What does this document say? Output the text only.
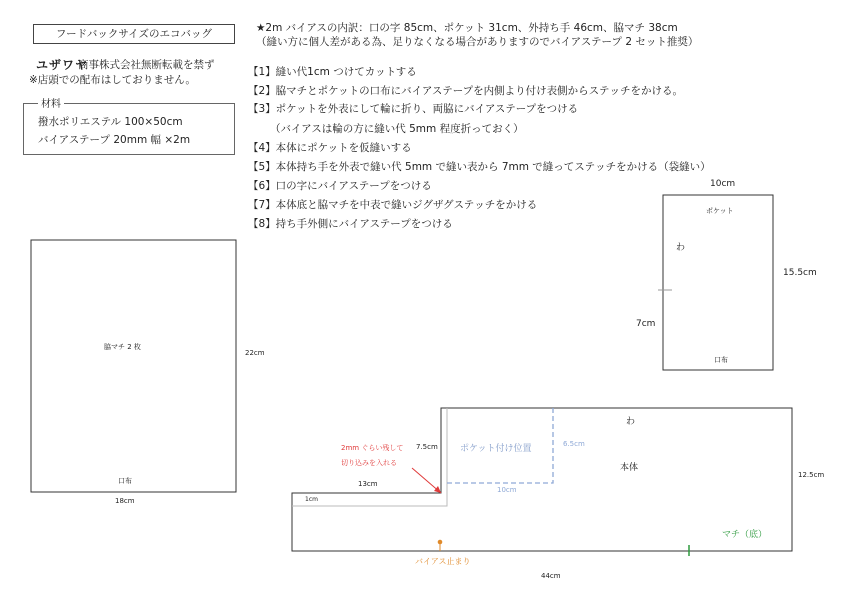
フードバックサイズのエコバッグ
ユザワヤ
商事株式会社無断転載を禁ず
※店頭での配布はしておりません。
材料
撥水ポリエステル 100×50cm
バイアステープ 20mm 幅 ×2m
★2m バイアスの内訳：口の字 85cm、ポケット 31cm、外持ち手 46cm、脇マチ 38cm
（縫い方に個人差がある為、足りなくなる場合がありますのでバイアステープ 2 セット推奨）
【1】縫い代1cm つけてカットする
【2】脇マチとポケットの口布にバイアステープを内側より付け表側からステッチをかける。
【3】ポケットを外表にして輪に折り、両脇にバイアステープをつける
（バイアスは輪の方に縫い代 5mm 程度折っておく）
【4】本体にポケットを仮縫いする
【5】本体持ち手を外表で縫い代 5mm で縫い表から 7mm で縫ってステッチをかける（袋縫い）
【6】口の字にバイアステープをつける
【7】本体底と脇マチを中表で縫いジグザグステッチをかける
【8】持ち手外側にバイアステープをつける
脇マチ 2 枚
口布
18cm
22cm
10cm
ポケット
わ
15.5cm
7cm
口布
わ
本体
ポケット付け位置	6.5cm
10cm
7.5cm
13cm
1cm
12.5cm
44cm
マチ（底）
バイアス止まり
2mm ぐらい残して
切り込みを入れる
